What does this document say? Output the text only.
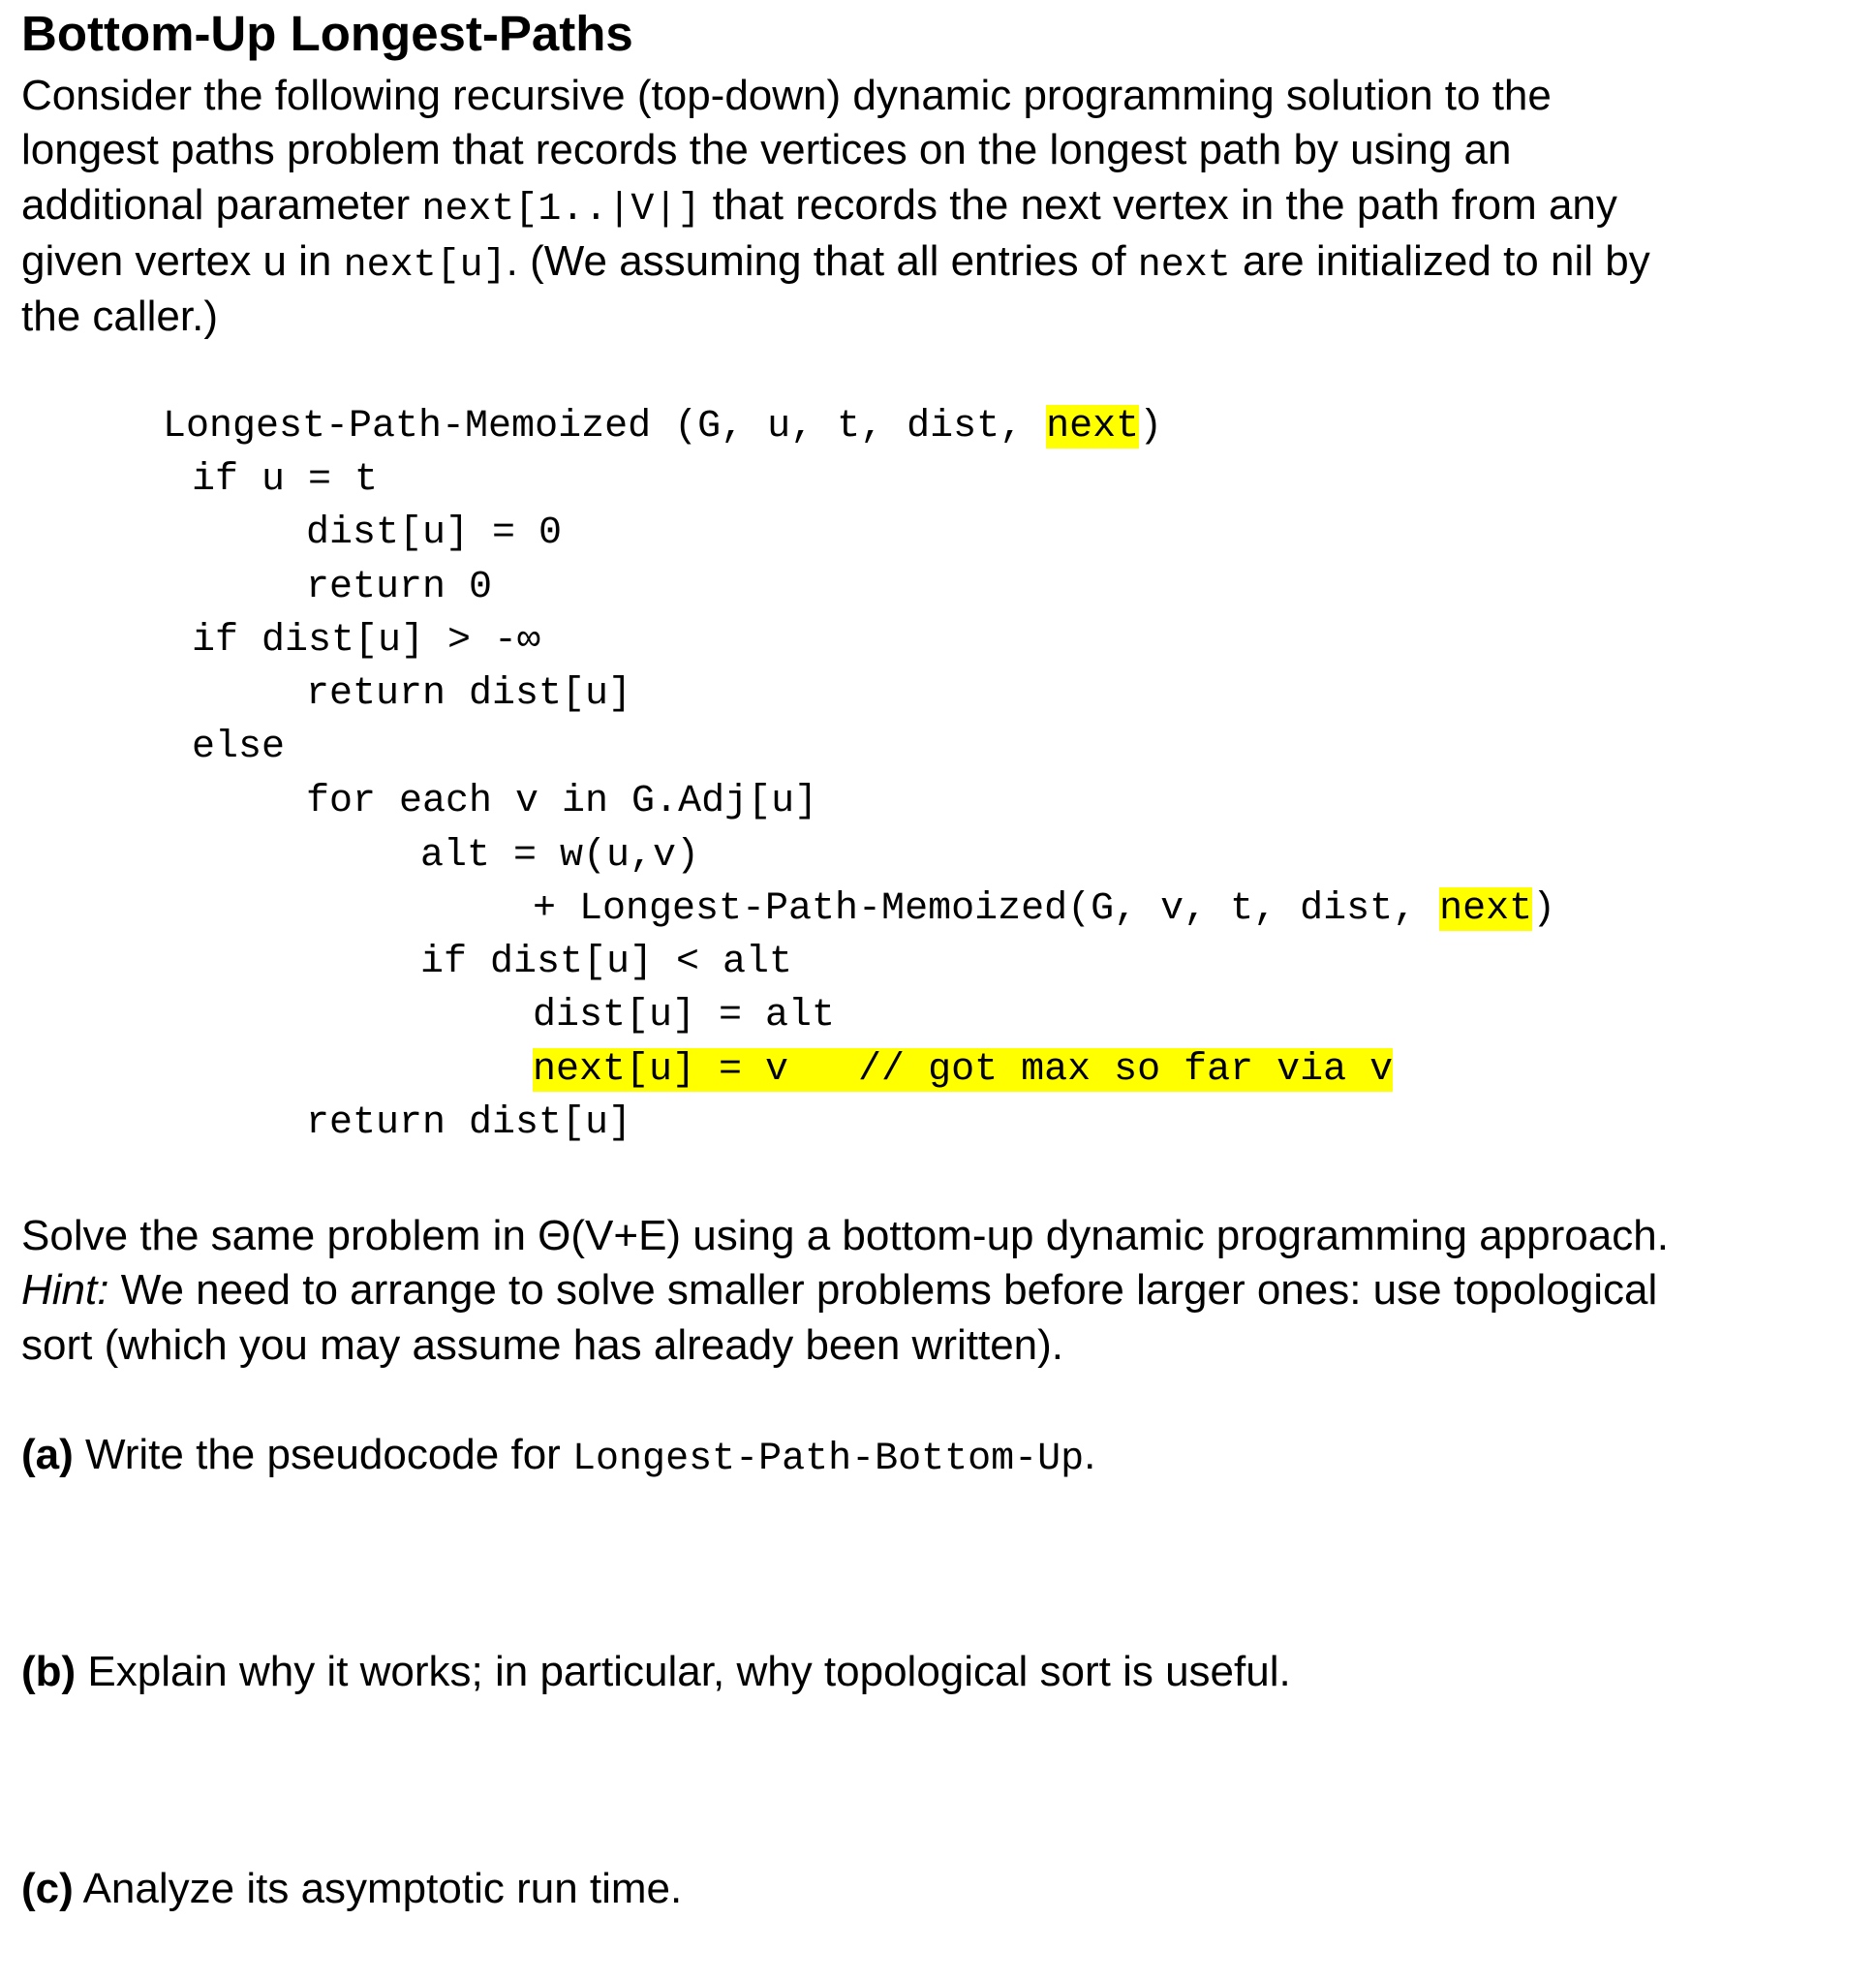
Bottom-Up Longest-Paths
Consider the following recursive (top-down) dynamic programming solution to the
longest paths problem that records the vertices on the longest path by using an
additional parameter next[1..|V|] that records the next vertex in the path from any
given vertex u in next[u]. (We assuming that all entries of next are initialized to nil by
the caller.)
Longest-Path-Memoized (G, u, t, dist, next)
if u = t
dist[u] = 0
return 0
if dist[u] > -∞
return dist[u]
else
for each v in G.Adj[u]
alt = w(u,v)
+ Longest-Path-Memoized(G, v, t, dist, next)
if dist[u] < alt
dist[u] = alt
next[u] = v   // got max so far via v
return dist[u]
Solve the same problem in Θ(V+E) using a bottom-up dynamic programming approach.
Hint: We need to arrange to solve smaller problems before larger ones: use topological
sort (which you may assume has already been written).
(a) Write the pseudocode for Longest-Path-Bottom-Up.
(b) Explain why it works; in particular, why topological sort is useful.
(c) Analyze its asymptotic run time.
